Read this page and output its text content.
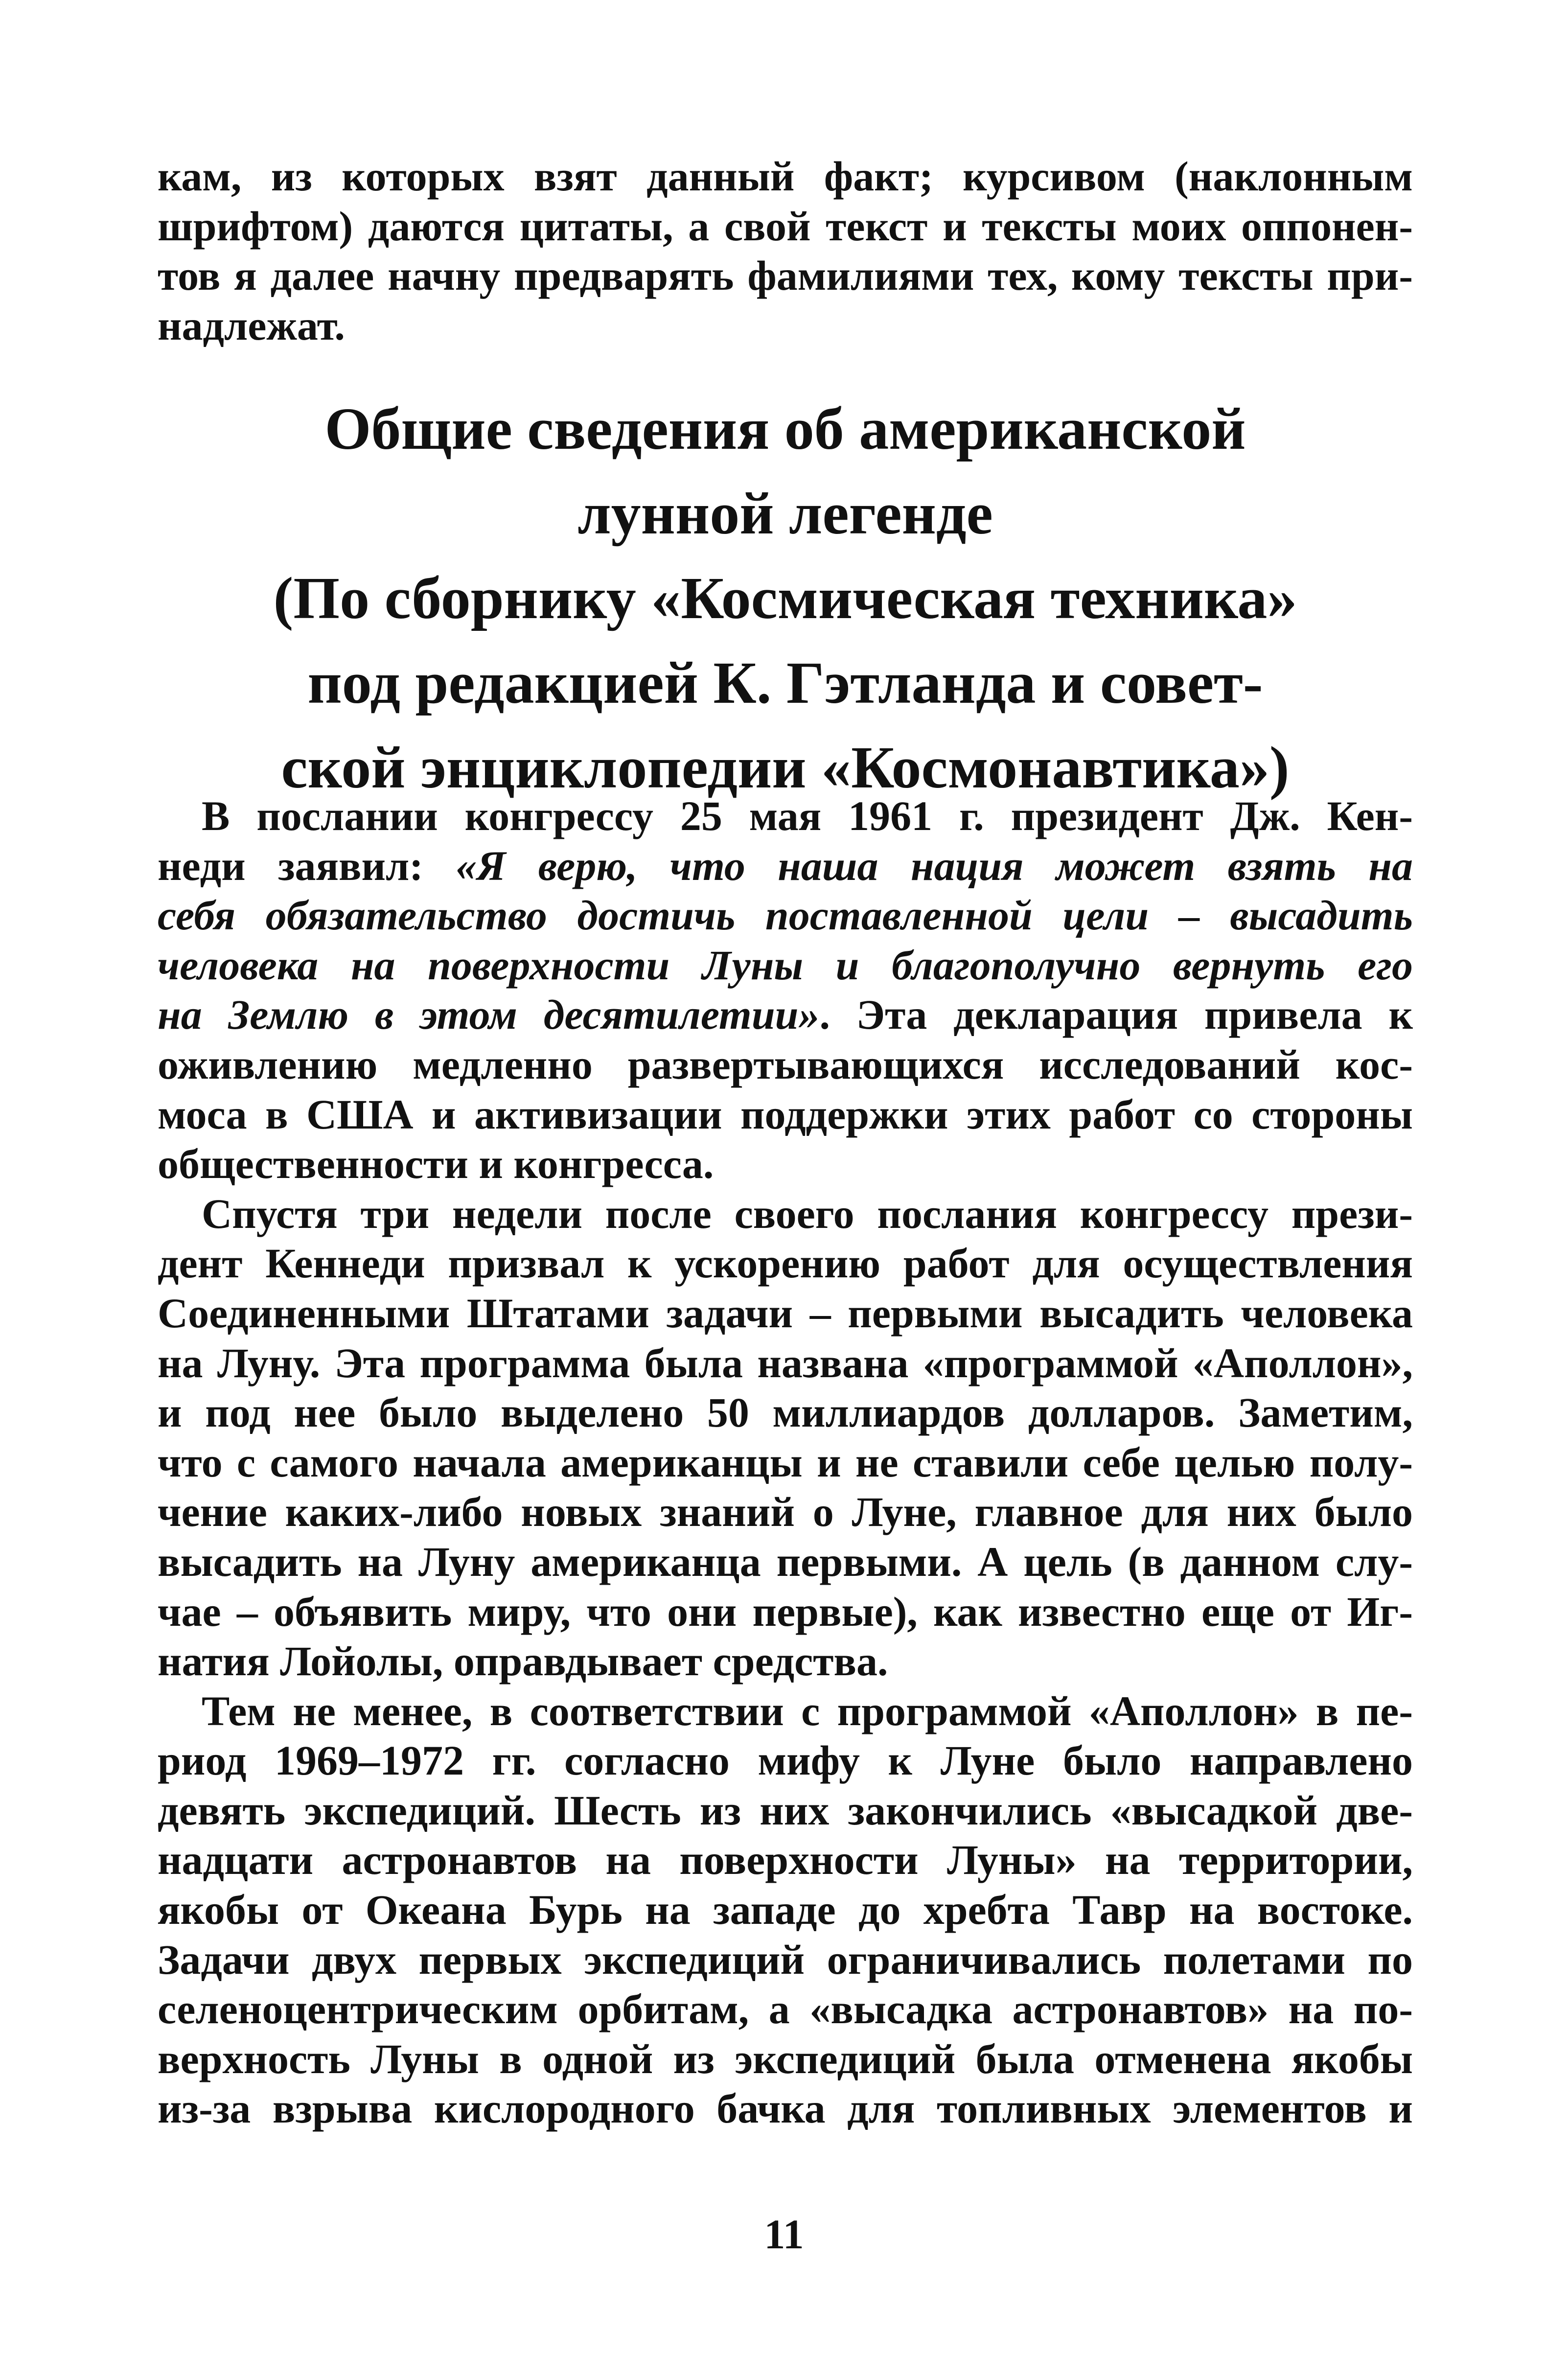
кам, из которых взят данный факт; курсивом (наклонным
шрифтом) даются цитаты, а свой текст и тексты моих оппонен-
тов я далее начну предварять фамилиями тех, кому тексты при-
надлежат.
Общие сведения об американской
лунной легенде
(По сборнику «Космическая техника»
под редакцией К. Гэтланда и совет-
ской энциклопедии «Космонавтика»)
В послании конгрессу 25 мая 1961 г. президент Дж. Кен-
неди заявил: «Я верю, что наша нация может взять на
себя обязательство достичь поставленной цели – высадить
человека на поверхности Луны и благополучно вернуть его
на Землю в этом десятилетии». Эта декларация привела к
оживлению медленно развертывающихся исследований кос-
моса в США и активизации поддержки этих работ со стороны
общественности и конгресса.
Спустя три недели после своего послания конгрессу прези-
дент Кеннеди призвал к ускорению работ для осуществления
Соединенными Штатами задачи – первыми высадить человека
на Луну. Эта программа была названа «программой «Аполлон»,
и под нее было выделено 50 миллиардов долларов. Заметим,
что с самого начала американцы и не ставили себе целью полу-
чение каких-либо новых знаний о Луне, главное для них было
высадить на Луну американца первыми. А цель (в данном слу-
чае – объявить миру, что они первые), как известно еще от Иг-
натия Лойолы, оправдывает средства.
Тем не менее, в соответствии с программой «Аполлон» в пе-
риод 1969–1972 гг. согласно мифу к Луне было направлено
девять экспедиций. Шесть из них закончились «высадкой две-
надцати астронавтов на поверхности Луны» на территории,
якобы от Океана Бурь на западе до хребта Тавр на востоке.
Задачи двух первых экспедиций ограничивались полетами по
селеноцентрическим орбитам, а «высадка астронавтов» на по-
верхность Луны в одной из экспедиций была отменена якобы
из-за взрыва кислородного бачка для топливных элементов и
11
